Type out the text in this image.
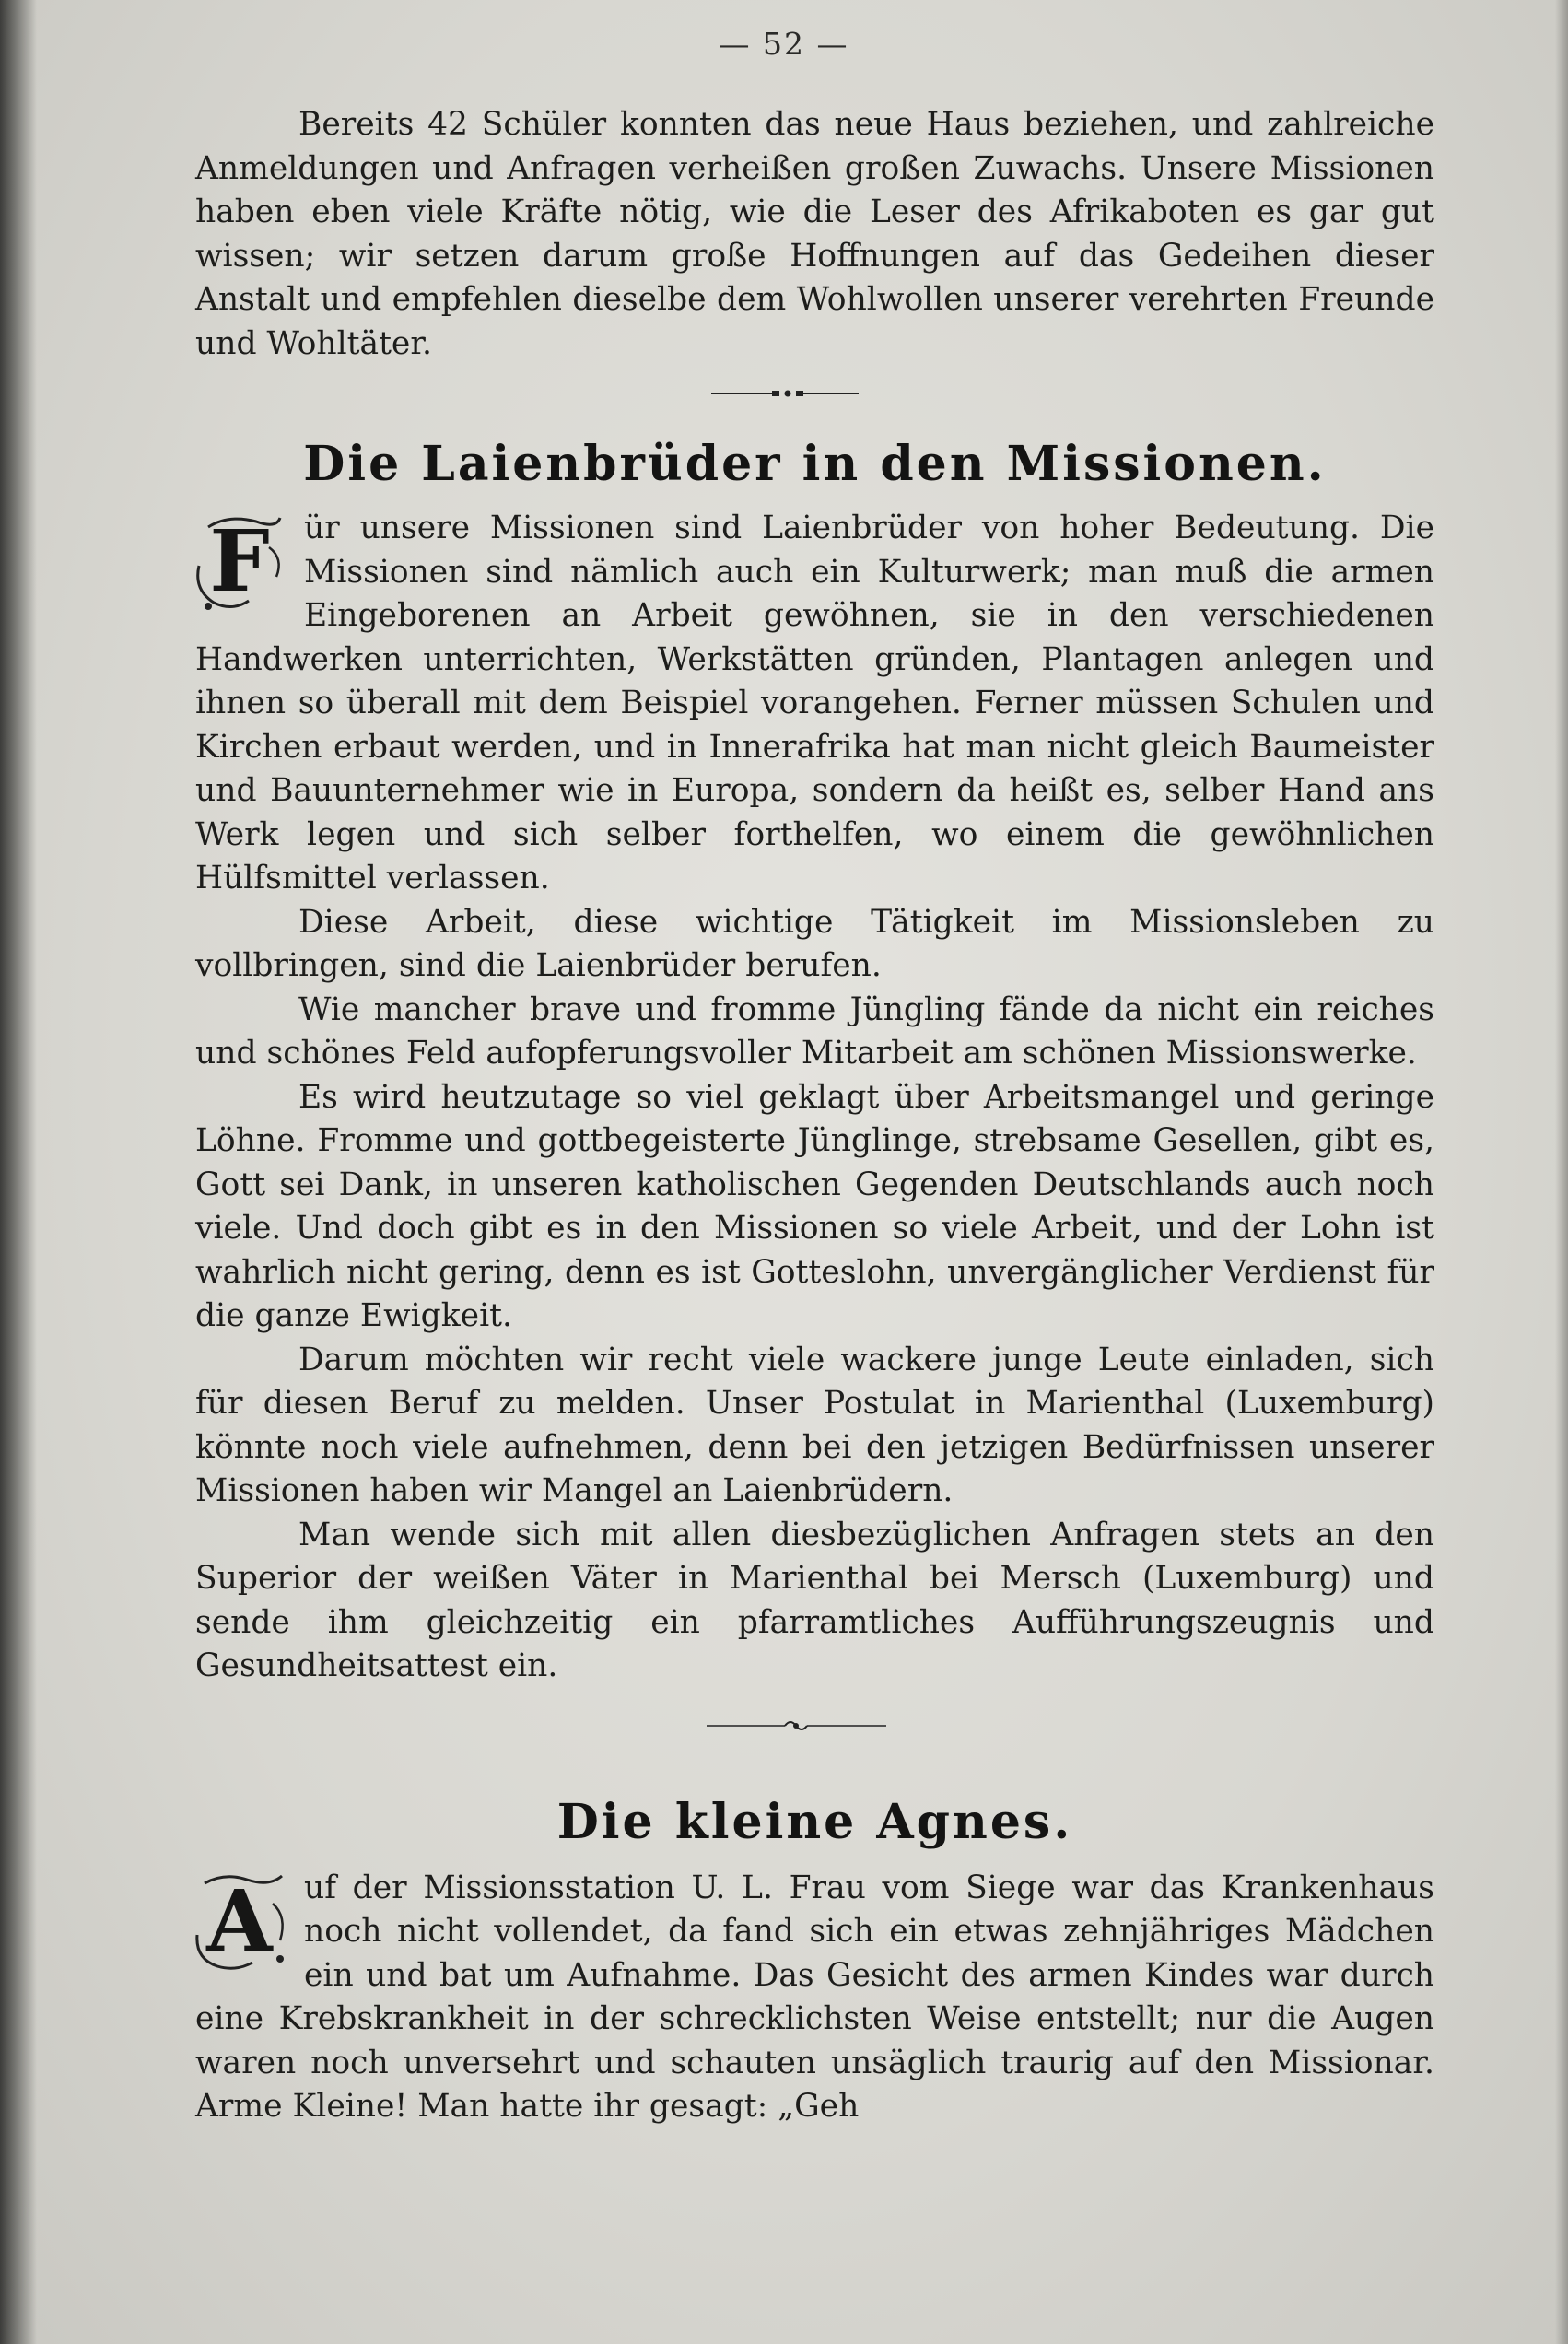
— 52 —

Bereits 42 Schüler konnten das neue Haus beziehen, und zahlreiche Anmeldungen und Anfragen verheißen großen Zuwachs. Unsere Missionen haben eben viele Kräfte nötig, wie die Leser des Afrikaboten es gar gut wissen; wir setzen darum große Hoffnungen auf das Gedeihen dieser Anstalt und empfehlen dieselbe dem Wohlwollen unserer verehrten Freunde und Wohltäter.

Die Laienbrüder in den Missionen.

F	ür unsere Missionen sind Laienbrüder von hoher Bedeutung. Die Missionen sind nämlich auch ein Kulturwerk; man muß die armen Eingeborenen an Arbeit gewöhnen, sie in den verschiedenen Handwerken unterrichten, Werkstätten gründen, Plantagen anlegen und ihnen so überall mit dem Beispiel vorangehen. Ferner müssen Schulen und Kirchen erbaut werden, und in Innerafrika hat man nicht gleich Baumeister und Bauunternehmer wie in Europa, sondern da heißt es, selber Hand ans Werk legen und sich selber forthelfen, wo einem die gewöhnlichen Hülfsmittel verlassen.

Diese Arbeit, diese wichtige Tätigkeit im Missionsleben zu vollbringen, sind die Laienbrüder berufen.

Wie mancher brave und fromme Jüngling fände da nicht ein reiches und schönes Feld aufopferungsvoller Mitarbeit am schönen Missionswerke.

Es wird heutzutage so viel geklagt über Arbeitsmangel und geringe Löhne. Fromme und gottbegeisterte Jünglinge, strebsame Gesellen, gibt es, Gott sei Dank, in unseren katholischen Gegenden Deutschlands auch noch viele. Und doch gibt es in den Missionen so viele Arbeit, und der Lohn ist wahrlich nicht gering, denn es ist Gotteslohn, unvergänglicher Verdienst für die ganze Ewigkeit.

Darum möchten wir recht viele wackere junge Leute einladen, sich für diesen Beruf zu melden. Unser Postulat in Marienthal (Luxemburg) könnte noch viele aufnehmen, denn bei den jetzigen Bedürfnissen unserer Missionen haben wir Mangel an Laienbrüdern.

Man wende sich mit allen diesbezüglichen Anfragen stets an den Superior der weißen Väter in Marienthal bei Mersch (Luxemburg) und sende ihm gleichzeitig ein pfarramtliches Aufführungszeugnis und Gesundheitsattest ein.

Die kleine Agnes.

A uf der Missionsstation U. L. Frau vom Siege war das Krankenhaus noch nicht vollendet, da fand sich ein etwas zehnjähriges Mädchen ein und bat um Aufnahme. Das Gesicht des armen Kindes war durch eine Krebskrankheit in der schrecklichsten Weise entstellt; nur die Augen waren noch unversehrt und schauten unsäglich traurig auf den Missionar. Arme Kleine! Man hatte ihr gesagt: „Geh
